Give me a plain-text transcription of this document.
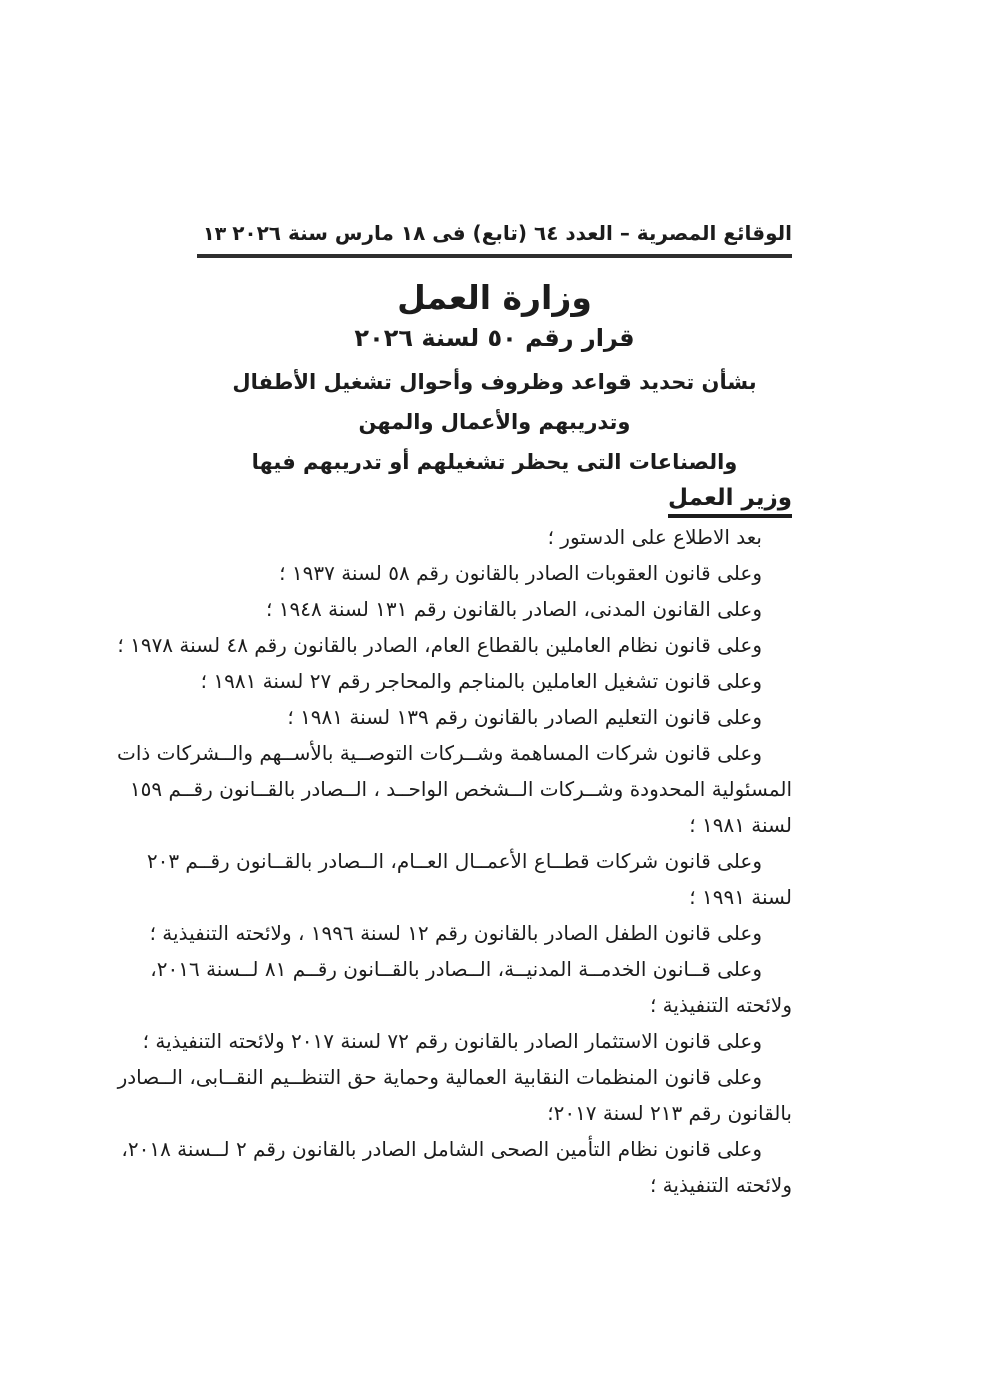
الوقائع المصرية – العدد ٦٤ (تابع) فى ١٨ مارس سنة ٢٠٢٦
١٣
وزارة العمل
قرار رقم ٥٠ لسنة ٢٠٢٦
بشأن تحديد قواعد وظروف وأحوال تشغيل الأطفال وتدريبهم والأعمال والمهن
والصناعات التى يحظر تشغيلهم أو تدريبهم فيها
وزير العمل
بعد الاطلاع على الدستور ؛
وعلى قانون العقوبات الصادر بالقانون رقم ٥٨ لسنة ١٩٣٧ ؛
وعلى القانون المدنى، الصادر بالقانون رقم ١٣١ لسنة ١٩٤٨ ؛
وعلى قانون نظام العاملين بالقطاع العام، الصادر بالقانون رقم ٤٨ لسنة ١٩٧٨ ؛
وعلى قانون تشغيل العاملين بالمناجم والمحاجر رقم ٢٧ لسنة ١٩٨١ ؛
وعلى قانون التعليم الصادر بالقانون رقم ١٣٩ لسنة ١٩٨١ ؛
وعلى قانون شركات المساهمة وشــركات التوصــية بالأســهم والــشركات ذات
المسئولية المحدودة وشــركات الــشخص الواحــد ، الــصادر بالقــانون رقــم ١٥٩
لسنة ١٩٨١ ؛
وعلى قانون شركات قطــاع الأعمــال العــام، الــصادر بالقــانون رقــم ٢٠٣
لسنة ١٩٩١ ؛
وعلى قانون الطفل الصادر بالقانون رقم ١٢ لسنة ١٩٩٦ ، ولائحته التنفيذية ؛
وعلى قــانون الخدمــة المدنيــة، الــصادر بالقــانون رقــم ٨١ لــسنة ٢٠١٦،
ولائحته التنفيذية ؛
وعلى قانون الاستثمار الصادر بالقانون رقم ٧٢ لسنة ٢٠١٧ ولائحته التنفيذية ؛
وعلى قانون المنظمات النقابية العمالية وحماية حق التنظــيم النقــابى، الــصادر
بالقانون رقم ٢١٣ لسنة ٢٠١٧؛
وعلى قانون نظام التأمين الصحى الشامل الصادر بالقانون رقم ٢ لــسنة ٢٠١٨،
ولائحته التنفيذية ؛
